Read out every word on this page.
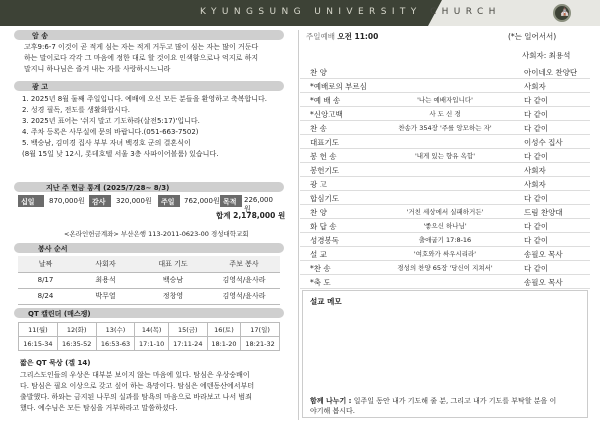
KYUNGSUNG UNIVERSITY CHURCH	⛪
암 송
고후9:6-7 이것이 곧 적게 심는 자는 적게 거두고 많이 심는 자는 많이 거둔다
하는 말이로다 각각 그 마음에 정한 대로 할 것이요 인색함으로나 억지로 하지
말지니 하나님은 즐겨 내는 자를 사랑하시느니라
광 고
1. 2025년 8월 둘째 주일입니다. 예배에 오신 모든 분들을 환영하고 축복합니다.
2. 성경 필독, 전도를 생활화합시다.
3. 2025년 표어는 '쉬지 말고 기도하라(살전5:17)'입니다.
4. 주차 등록은 사무실에 문의 바랍니다.(051-663-7502)
5. 백승남, 김미경 집사 부부 자녀 백경호 군의 결혼식이
(8월 15일 낮 12시, 롯데호텔 서울 3층 사파이어볼룸) 있습니다.
지난 주 헌금 통계 (2025/7/28~ 8/3)
십일조
870,000원	감사	320,000원	주일	762,000원 목적	226,000원
합계 2,178,000 원
<온라인헌금계좌> 부산은행 113-2011-0623-00 경성대학교회
봉사 순서
날짜	사회자	대표 기도	주보 봉사
8/17	최용석	백승남	김영석/윤사라
8/24	박무열	정창영	김영석/윤사라
QT 캘린더 (매스쟁)
11(월)	12(화)	13(수)	14(목)	15(금)	16(토)	17(일)
16:15-34	16:35-52	16:53-63	17:1-10	17:11-24	18:1-20	18:21-32
짧은 QT 묵상 (겔 14)
그리스도인들의 우상은 대부분 보이지 않는 마음에 있다. 탐심은 우상숭배이
다. 탐심은 필요 이상으로 갖고 싶어 하는 욕망이다. 탐심은 에덴동산에서부터
출발했다. 하와는 금지된 나무의 실과를 탐욕의 마음으로 바라보고 나서 범죄
했다. 예수님은 모든 탐심을 거부하라고 말씀하셨다.
주일예배 오전 11:00	(*는 일어서서)
사회자: 최용석
찬 양	아이네오 찬양단
*예배로의 부르심	사회자
*예 배 송	'나는 예배자입니다'	다 같이
*신앙고백	사 도 신 경	다 같이
찬 송	찬송가 354장 '주를 앙모하는 자'	다 같이
대표기도	이성수 집사
봉 헌 송	'내게 있는 향유 옥합'	다 같이
봉헌기도	사회자
광 고	사회자
합심기도	다 같이
찬 양	'거친 세상에서 실패하거든'	드림 찬양대
화 답 송	'좋으신 하나님'	다 같이
성경봉독	출애굽기 17:8-16	다 같이
설 교	'여호와가 싸우시리라'	송필오 목사
*찬 송	경성의 찬양 65장 '당신이 지쳐서'	다 같이
*축 도	송필오 목사
설교 메모
함께 나누기 : 일주일 동안 내가 기도해 줄 분, 그리고 내가 기도를 부탁할 분을 이
야기해 봅시다.
